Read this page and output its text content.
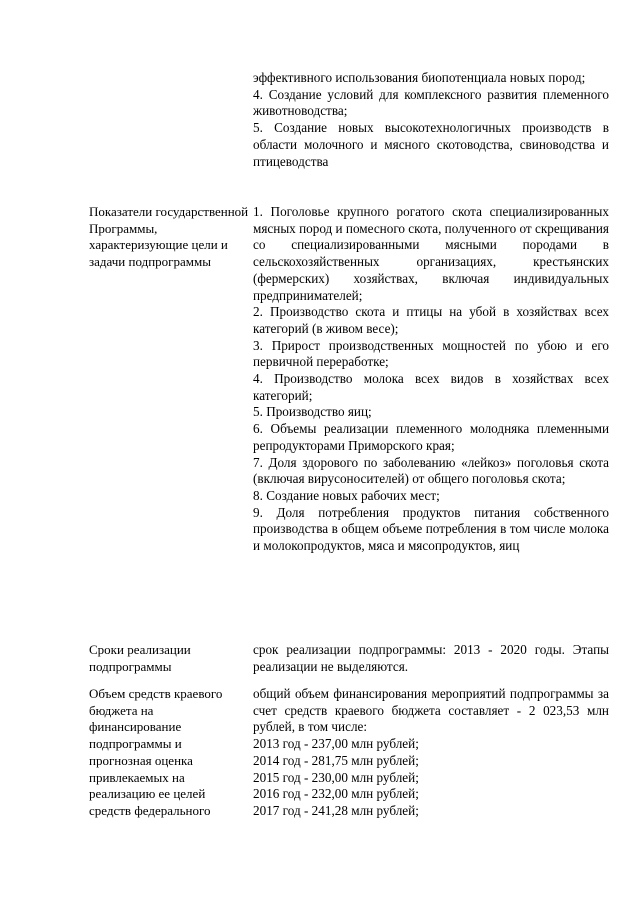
эффективного использования биопотенциала новых пород;

4. Создание условий для комплексного развития племенного животноводства;

5. Создание новых высокотехнологичных производств в области молочного и мясного скотоводства, свиноводства и птицеводства

Показатели государственной Программы,

характеризующие цели и

задачи подпрограммы

1. Поголовье крупного рогатого скота специализированных мясных пород и помесного скота, полученного от скрещивания со специализированными мясными породами в сельскохозяйственных организациях, крестьянских (фермерских) хозяйствах, включая индивидуальных предпринимателей;

2. Производство скота и птицы на убой в хозяйствах всех категорий (в живом весе);

3. Прирост производственных мощностей по убою и его первичной переработке;

4. Производство молока всех видов в хозяйствах всех категорий;

5. Производство яиц;

6. Объемы реализации племенного молодняка племенными репродукторами Приморского края;

7. Доля здорового по заболеванию «лейкоз» поголовья скота (включая вирусоносителей) от общего поголовья скота;

8. Создание новых рабочих мест;

9. Доля потребления продуктов питания собственного производства в общем объеме потребления в том числе молока и молокопродуктов, мяса и мясопродуктов, яиц

Сроки реализации подпрограммы

срок реализации подпрограммы: 2013 - 2020 годы. Этапы реализации не выделяются.

Объем средств краевого

бюджета на

финансирование

подпрограммы и

прогнозная оценка

привлекаемых на

реализацию ее целей

средств федерального

общий объем финансирования мероприятий подпрограммы за счет средств краевого бюджета составляет - 2 023,53 млн рублей, в том числе:

2013 год - 237,00 млн рублей;

2014 год - 281,75 млн рублей;

2015 год - 230,00 млн рублей;

2016 год - 232,00 млн рублей;

2017 год - 241,28 млн рублей;
